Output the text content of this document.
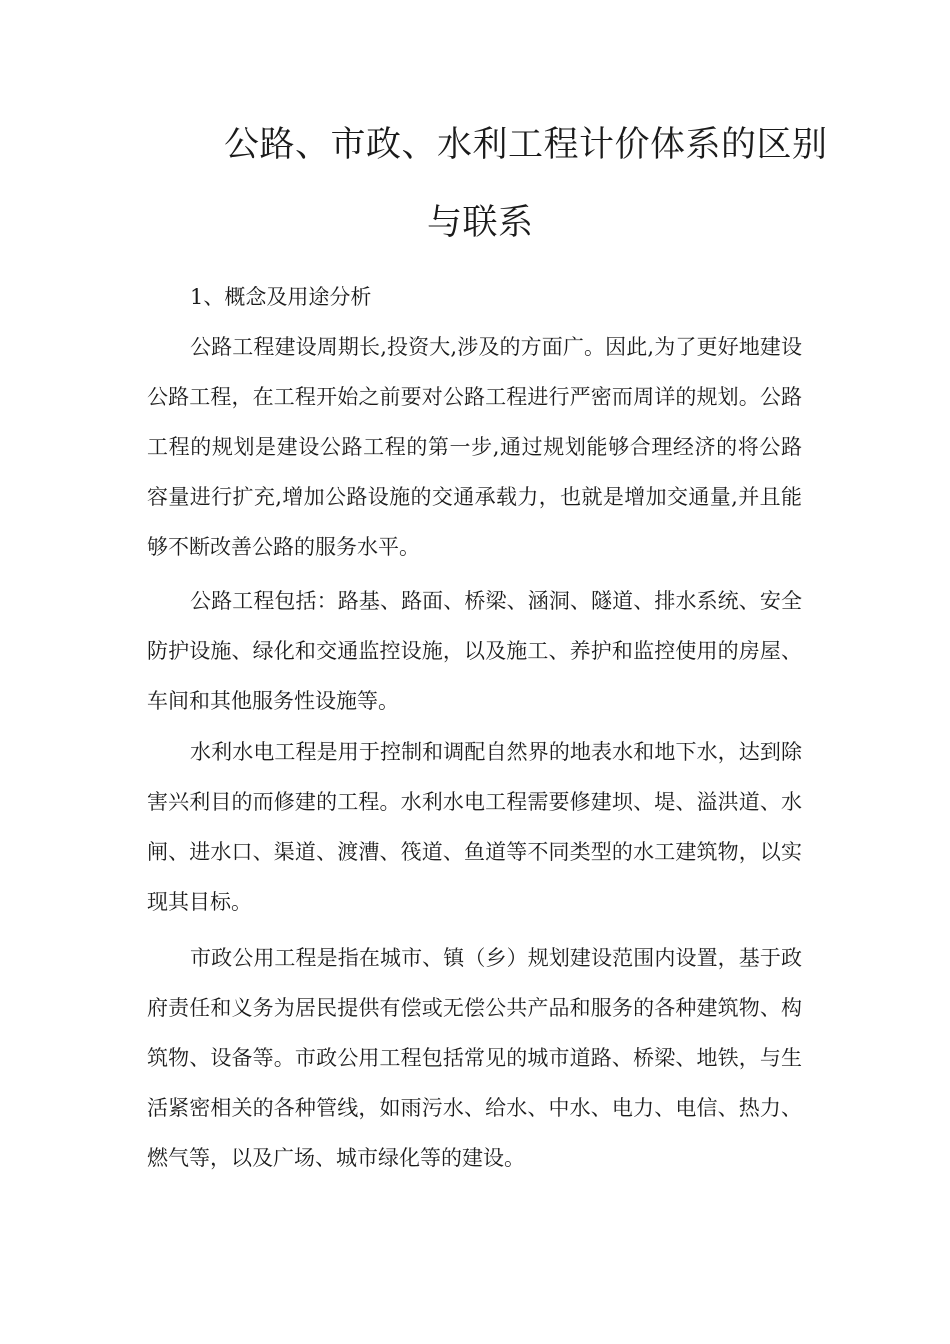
公路、市政、水利工程计价体系的区别
与联系

1、概念及用途分析

公路工程建设周期长,投资大,涉及的方面广。因此,为了更好地建设公路工程，在工程开始之前要对公路工程进行严密而周详的规划。公路工程的规划是建设公路工程的第一步,通过规划能够合理经济的将公路容量进行扩充,增加公路设施的交通承载力，也就是增加交通量,并且能够不断改善公路的服务水平。

公路工程包括：路基、路面、桥梁、涵洞、隧道、排水系统、安全防护设施、绿化和交通监控设施，以及施工、养护和监控使用的房屋、车间和其他服务性设施等。

水利水电工程是用于控制和调配自然界的地表水和地下水，达到除害兴利目的而修建的工程。水利水电工程需要修建坝、堤、溢洪道、水闸、进水口、渠道、渡漕、筏道、鱼道等不同类型的水工建筑物，以实现其目标。

市政公用工程是指在城市、镇（乡）规划建设范围内设置，基于政府责任和义务为居民提供有偿或无偿公共产品和服务的各种建筑物、构筑物、设备等。市政公用工程包括常见的城市道路、桥梁、地铁，与生活紧密相关的各种管线，如雨污水、给水、中水、电力、电信、热力、燃气等，以及广场、城市绿化等的建设。
